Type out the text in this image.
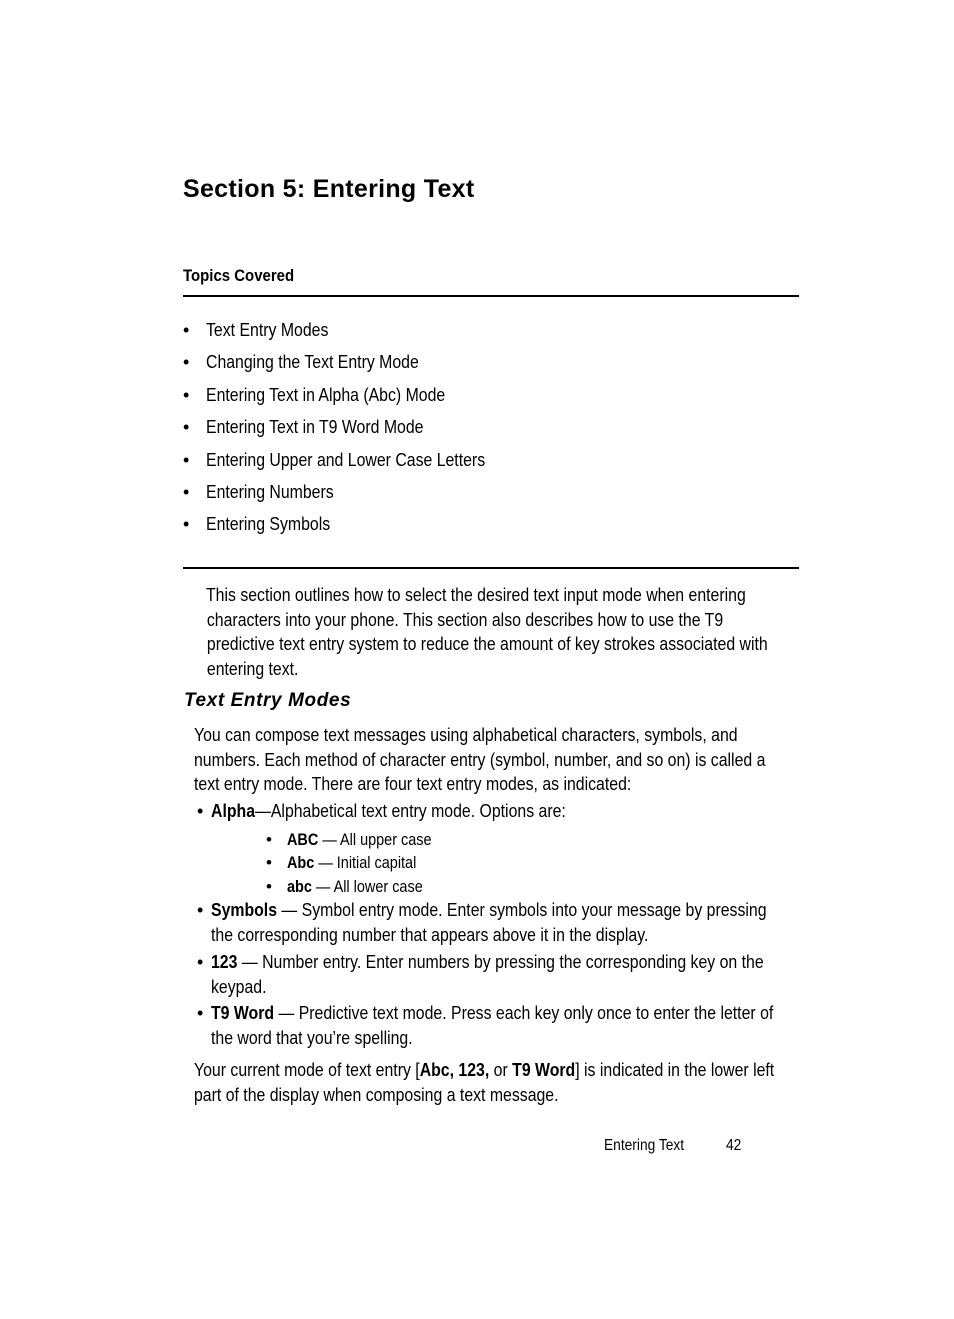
Section 5: Entering Text
Topics Covered
• Text Entry Modes
• Changing the Text Entry Mode
• Entering Text in Alpha (Abc) Mode
• Entering Text in T9 Word Mode
• Entering Upper and Lower Case Letters
• Entering Numbers
• Entering Symbols
This section outlines how to select the desired text input mode when entering
characters into your phone. This section also describes how to use the T9
predictive text entry system to reduce the amount of key strokes associated with
entering text.
Text Entry Modes
You can compose text messages using alphabetical characters, symbols, and
numbers. Each method of character entry (symbol, number, and so on) is called a
text entry mode. There are four text entry modes, as indicated:
• Alpha—Alphabetical text entry mode. Options are:
• ABC — All upper case
• Abc — Initial capital
• abc — All lower case
• Symbols — Symbol entry mode. Enter symbols into your message by pressing
the corresponding number that appears above it in the display.
• 123 — Number entry. Enter numbers by pressing the corresponding key on the
keypad.
• T9 Word — Predictive text mode. Press each key only once to enter the letter of
the word that you’re spelling.
Your current mode of text entry [Abc, 123, or T9 Word] is indicated in the lower left
part of the display when composing a text message.
Entering Text	42
